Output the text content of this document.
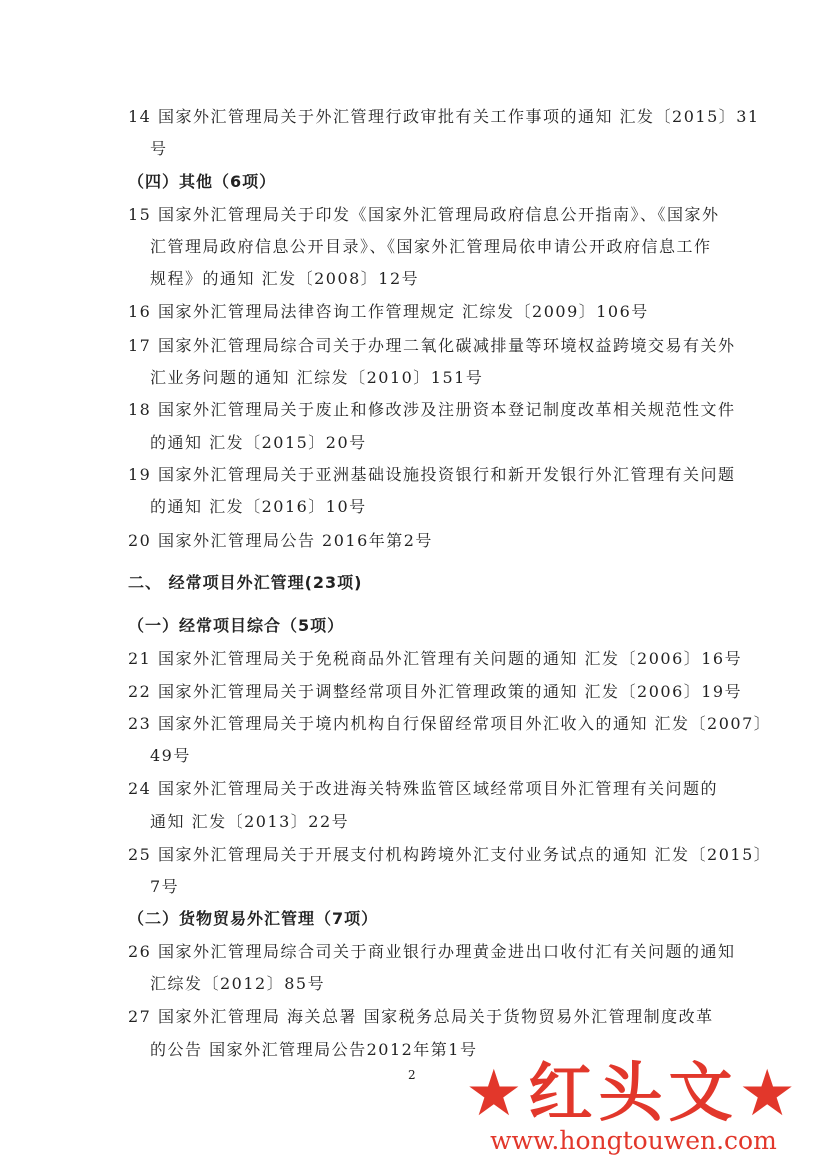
14 国家外汇管理局关于外汇管理行政审批有关工作事项的通知 汇发〔2015〕31
号
（四）其他（6项）
15 国家外汇管理局关于印发《国家外汇管理局政府信息公开指南》、《国家外
汇管理局政府信息公开目录》、《国家外汇管理局依申请公开政府信息工作
规程》的通知 汇发〔2008〕12号
16 国家外汇管理局法律咨询工作管理规定 汇综发〔2009〕106号
17 国家外汇管理局综合司关于办理二氧化碳减排量等环境权益跨境交易有关外
汇业务问题的通知 汇综发〔2010〕151号
18 国家外汇管理局关于废止和修改涉及注册资本登记制度改革相关规范性文件
的通知 汇发〔2015〕20号
19 国家外汇管理局关于亚洲基础设施投资银行和新开发银行外汇管理有关问题
的通知 汇发〔2016〕10号
20 国家外汇管理局公告 2016年第2号
二、 经常项目外汇管理(23项)
（一）经常项目综合（5项）
21 国家外汇管理局关于免税商品外汇管理有关问题的通知 汇发〔2006〕16号
22 国家外汇管理局关于调整经常项目外汇管理政策的通知 汇发〔2006〕19号
23 国家外汇管理局关于境内机构自行保留经常项目外汇收入的通知 汇发〔2007〕
49号
24 国家外汇管理局关于改进海关特殊监管区域经常项目外汇管理有关问题的
通知 汇发〔2013〕22号
25 国家外汇管理局关于开展支付机构跨境外汇支付业务试点的通知 汇发〔2015〕
7号
（二）货物贸易外汇管理（7项）
26 国家外汇管理局综合司关于商业银行办理黄金进出口收付汇有关问题的通知
汇综发〔2012〕85号
27 国家外汇管理局 海关总署 国家税务总局关于货物贸易外汇管理制度改革
的公告 国家外汇管理局公告2012年第1号
2 ★红头文★
www.hongtouwen.com
